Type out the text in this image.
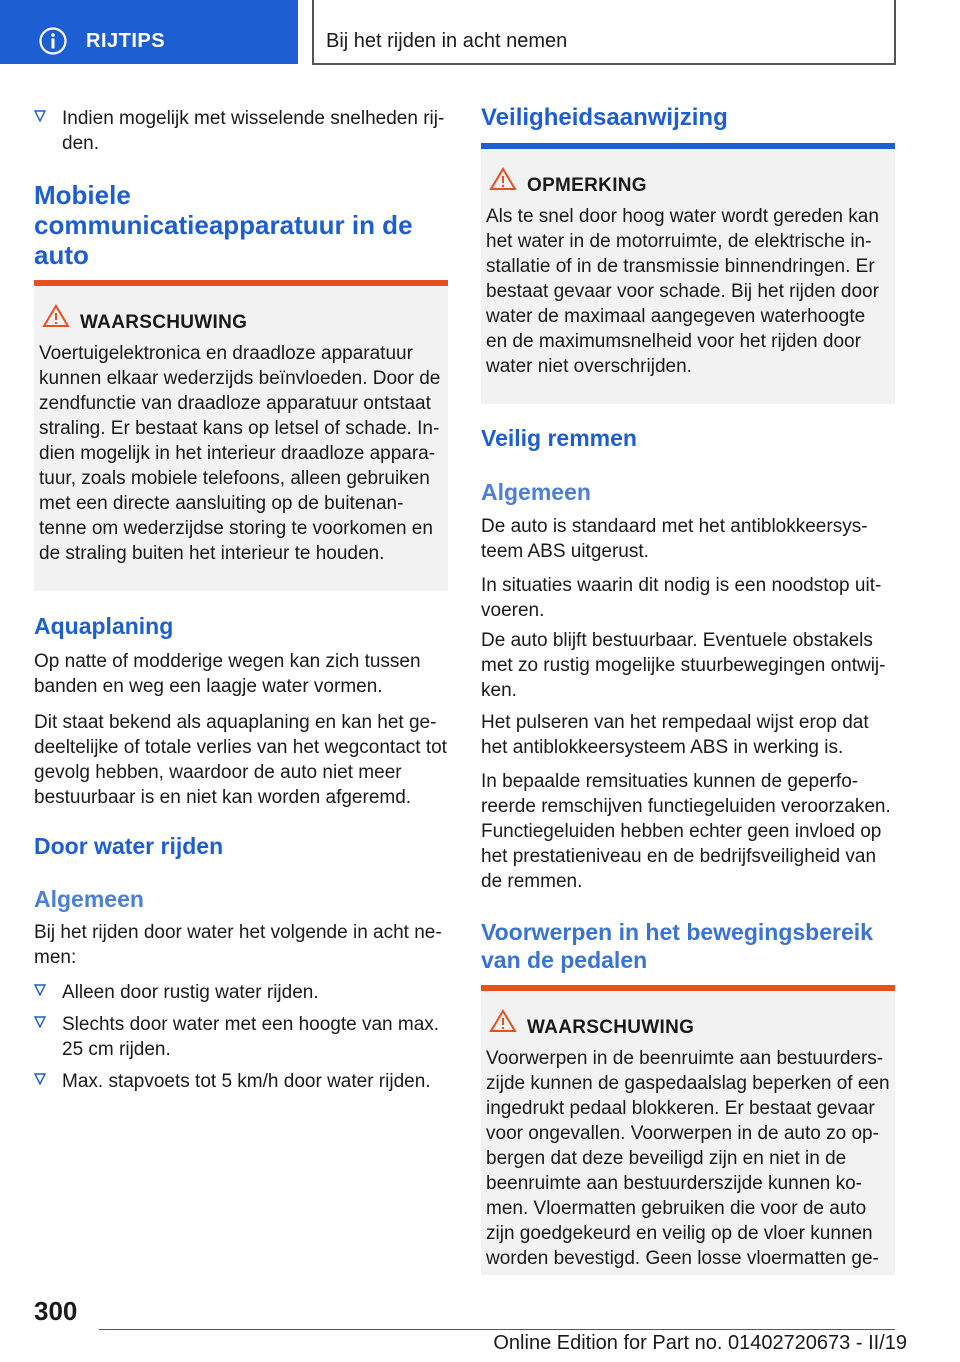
RIJTIPS	Bij het rijden in acht nemen
Indien mogelijk met wisselende snelheden rij-den.
Mobiele communicatieapparatuur in de auto
WAARSCHUWING
Voertuigelektronica en draadloze apparatuur kunnen elkaar wederzijds beïnvloeden. Door de zendfunctie van draadloze apparatuur ontstaat straling. Er bestaat kans op letsel of schade. In-dien mogelijk in het interieur draadloze appara-tuur, zoals mobiele telefoons, alleen gebruiken met een directe aansluiting op de buitenan-tenne om wederzijdse storing te voorkomen en de straling buiten het interieur te houden.
Aquaplaning

Op natte of modderige wegen kan zich tussen banden en weg een laagje water vormen.

Dit staat bekend als aquaplaning en kan het ge-deeltelijke of totale verlies van het wegcontact tot gevolg hebben, waardoor de auto niet meer bestuurbaar is en niet kan worden afgeremd.

Door water rijden
Algemeen

Bij het rijden door water het volgende in acht ne-men:

Alleen door rustig water rijden.
Slechts door water met een hoogte van max. 25 cm rijden.
Max. stapvoets tot 5 km/h door water rijden.
Veiligheidsaanwijzing
OPMERKING
Als te snel door hoog water wordt gereden kan het water in de motorruimte, de elektrische in-stallatie of in de transmissie binnendringen. Er bestaat gevaar voor schade. Bij het rijden door water de maximaal aangegeven waterhoogte en de maximumsnelheid voor het rijden door water niet overschrijden.
Veilig remmen
Algemeen

De auto is standaard met het antiblokkeersys-teem ABS uitgerust.

In situaties waarin dit nodig is een noodstop uit-voeren.

De auto blijft bestuurbaar. Eventuele obstakels met zo rustig mogelijke stuurbewegingen ontwij-ken.

Het pulseren van het rempedaal wijst erop dat het antiblokkeersysteem ABS in werking is.

In bepaalde remsituaties kunnen de geperfo-reerde remschijven functiegeluiden veroorzaken. Functiegeluiden hebben echter geen invloed op het prestatieniveau en de bedrijfsveiligheid van de remmen.

Voorwerpen in het bewegingsbereik van de pedalen
WAARSCHUWING
Voorwerpen in de beenruimte aan bestuurders-zijde kunnen de gaspedaalslag beperken of een ingedrukt pedaal blokkeren. Er bestaat gevaar voor ongevallen. Voorwerpen in de auto zo op-bergen dat deze beveiligd zijn en niet in de beenruimte aan bestuurderszijde kunnen ko-men. Vloermatten gebruiken die voor de auto zijn goedgekeurd en veilig op de vloer kunnen worden bevestigd. Geen losse vloermatten ge-
300
Online Edition for Part no. 01402720673 - II/19
